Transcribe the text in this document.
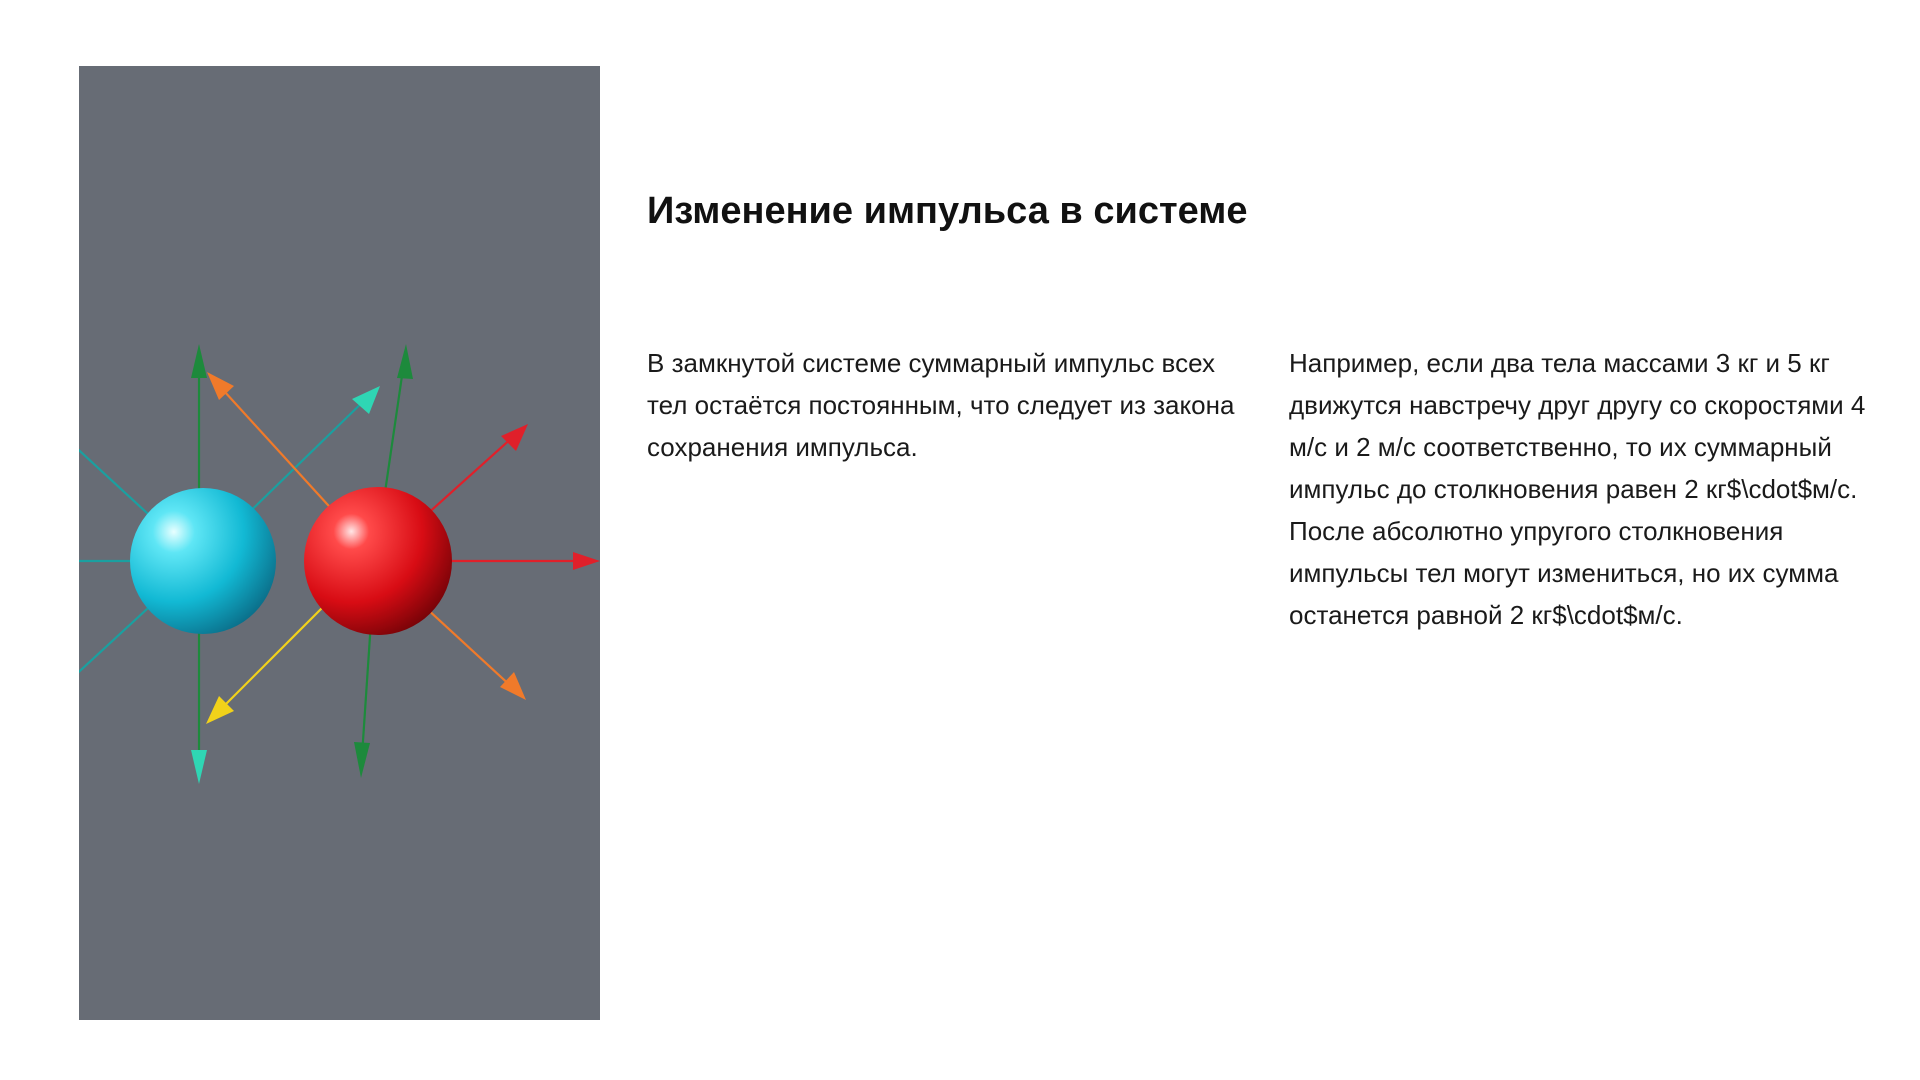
Изменение импульса в системе

В замкнутой системе суммарный импульс всех тел остаётся постоянным, что следует из закона сохранения импульса.

Например, если два тела массами 3 кг и 5 кг движутся навстречу друг другу со скоростями 4 м/с и 2 м/с соответственно, то их суммарный импульс до столкновения равен 2 кг$\cdot$м/с. После абсолютно упругого столкновения импульсы тел могут измениться, но их сумма останется равной 2 кг$\cdot$м/с.
